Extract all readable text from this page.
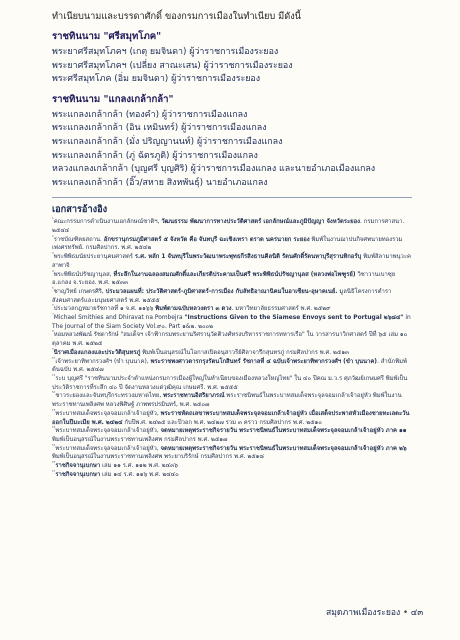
ทำเนียบนามและบรรดาศักดิ์ ของกรมการเมืองในทำเนียบ มีดังนี้

ราชทินนาม "ศรีสมุทโภค"
พระยาศรีสมุทโภคฯ (เกตุ ยมจินดา) ผู้ว่าราชการเมืองระยอง
พระยาศรีสมุทโภคฯ (เปลี่ยง สาณะเสน) ผู้ว่าราชการเมืองระยอง
พระศรีสมุทโภค (อิ่ม ยมจินดา) ผู้ว่าราชการเมืองระยอง
ราชทินนาม "แกลงเกล้ากล้า"
พระแกลงเกล้ากล้า (ทองคำ) ผู้ว่าราชการเมืองแกลง
พระแกลงเกล้ากล้า (อิน เหมินทร์) ผู้ว่าราชการเมืองแกลง
พระแกลงเกล้ากล้า (มั่ง ปริญญานนท์) ผู้ว่าราชการเมืองแกลง
พระแกลงเกล้ากล้า (ภู่ ฉัตรภูติ) ผู้ว่าราชการเมืองแกลง
หลวงแกลงเกล้ากล้า (บุญศรี บุญศิริ) ผู้ว่าราชการเมืองแกลง และนายอำเภอเมืองแกลง
พระแกลงเกล้ากล้า (อิ๊ว/สหาย สิงหพันธุ์) นายอำเภอแกลง
เอกสารอ้างอิง

$^{^1}$คณะกรรมการดำเนินงานเอกลักษณ์ชาติฯ, วัฒนธรรม พัฒนาการทางประวัติศาสตร์ เอกลักษณ์และภูมิปัญญา จังหวัดระยอง. กรมการศาสนา. ๒๕๔๔

$^{^2}$ราชบัณฑิตยสถาน. อักขรานุกรมภูมิศาสตร์ ๕ จังหวัด คือ จันทบุรี ฉะเชิงเทรา ตราด นครนายก ระยอง พิมพ์ในงานฌาปนกิจศพนายทองรวม เพ่งศรทรัพย์. กรมศิลปากร. พ.ศ. ๒๕๔๒

$^{^3}$พระพิพิธมนัยประยานุคมศาสตร์ ร.ศ. หลัก 1 จันทบุรีในพระวัฒนาพระพุทธกีรสิงธานคิลนิติ รัตนศักดิ์รัตนหาบุรีสุรานทิกอร์บุ พิมพ์สิลามาพนุวะคสาพาจิ

$^{^4}$พระพิพิธน์ปรัชญานุลส, ที่ระลึกในงานฉลองสมณศักดิ์และเกียรติประคามเป็นศรี พระพิพิธน์ปรัชญานุลส (หลวงพ่อไพฑูรย์) วิชาวานเบาซุย อ.แกลง จ.ระยอง. พ.ศ. ๒๕๓๓

$^{^5}$ชาญวิทย์ เกษตรศิริ, ประมวลแผนที่: ประวัติศาสตร์-ภูมิศาสตร์-การเมือง กับลัทธิอาณานิคมในอาเซียน-อุษาคเนย์. มูลนิธิโครงการตำราสังคมศาสตร์และมนุษยศาสตร์ พ.ศ. ๒๕๕๕

$^{^6}$ประมวลกฎหมายรัชกาลที่ ๑ จ.ศ. ๑๑๖๖ พิมพ์ตามฉบับหลวงตรา ๓ ดวง. มหาวิทยาลัยธรรมศาสตร์ พ.ศ. ๒๕๒๙

$^{^7}$Michael Smithies and Dhiravat na Pombejra "Instructions Given to the Siamese Envoys sent to Portugal ๒๖๘๔" in The Journal of the Siam Society Vol.๙๐. Part ๑&๒. ๒๐๐๒

$^{^8}$หอมหลวงพัฒน์ รัชดารักษ์ "สมเด็จฯ เจ้าฟ้ากรมพระยานริศรานุวัดติวงศ์ทรงบริหารราชการทหารเรือ" ใน วารสารนาวิกศาสตร์ ปีที่ ๖๕ เล่ม ๑๐ ตุลาคม พ.ศ. ๒๕๒๕

$^{^9}$นิราศเมืองแกลงและประวัติสุนทรภู่ พิมพ์เป็นอนุสรณ์ในโอกาสเปิดอนุสาวรีย์ศิลาจารึกสุนทรภู่ กรมศิลปากร พ.ศ. ๒๕๑๓

$^{^{10}}$เจ้าพระยาทิพากรวงศ์ฯ (ขำ บุนนาค), พระราชพงศาวดารกรุงรัตนโกสินทร์ รัชกาลที่ ๔ ฉบับเจ้าพระยาทิพากรวงศ์ฯ (ขำ บุนนาค). สำนักพิมพ์ต้นฉบับ พ.ศ. ๒๕๔๗

$^{^{11}}$ระบ บุญศรี "ราชทินนามประจำตำแหน่งกรมการเมืองผู้ใหญ่ในทำเนียบของเมืองหลวงใหญ่ไทย" ใน ๔๐ ปีคณ ม.ว.ร ศุภวัฒย์เกษมศรี พิมพ์เป็นประวัติราชการที่ระลึก ๔๐ ปี จัดงานหลวงแด่วุฒิคุณ เกษมศรี. พ.ศ. ๒๕๕๕

$^{^{12}}$ชาวระยองและจันทบุรีกระทรวงมหาดไทย, พระราชทานอิสริยาภรณ์ พระราชนิพนธ์ในพระบาทสมเด็จพระจุลจอมเกล้าเจ้าอยู่หัว พิมพ์ในงานพระราชทานเพลิงศพ หลวงพิศิษฐ์ ภาพพรปรมินทร์, พ.ศ. ๒๕๐๗

$^{^{13}}$พระบาทสมเด็จพระจุลจอมเกล้าเจ้าอยู่หัว, พระราชหัตถเลขาพระบาทสมเด็จพระจุลจอมเกล้าเจ้าอยู่หัว เมื่อเสด็จประพาสหัวเมืองชายทะเลตะวันออกในปีมะเมีย พ.ศ. ๒๔๒๔ กับปีพ.ศ. ๒๔๒๕ และปีวอก พ.ศ. ๒๔๒๗ รวม ๓ คราว กรมศิลปากร พ.ศ. ๒๕๑๐

$^{^{14}}$พระบาทสมเด็จพระจุลจอมเกล้าเจ้าอยู่หัว, จดหมายเหตุพระราชกิจรายวัน พระราชนิพนธ์ในพระบาทสมเด็จพระจุลจอมเกล้าเจ้าอยู่หัว ภาค ๑๑ พิมพ์เป็นอนุสรณ์ในงานพระราชทานเพลิงศพ กรมศิลปากร พ.ศ. ๒๕๑๗

$^{^{15}}$พระบาทสมเด็จพระจุลจอมเกล้าเจ้าอยู่หัว, จดหมายเหตุพระราชกิจรายวัน พระราชนิพนธ์ในพระบาทสมเด็จพระจุลจอมเกล้าเจ้าอยู่หัว ภาค ๒๖ พิมพ์เป็นอนุสรณ์ในงานพระราชทานเพลิงศพ พระยาบริรักษ์ กรมศิลปากร พ.ศ. ๒๕๑๘

$^{^{16}}$ราชกิจจานุเบกษา เล่ม ๑๑ ร.ศ. ๑๑๒ พ.ศ. ๒๔๓๖

$^{^{17}}$ราชกิจจานุเบกษา เล่ม ๑๔ ร.ศ. ๑๑๖ พ.ศ. ๒๔๔๐

สมุดภาพเมืองระยอง • ๔๓
